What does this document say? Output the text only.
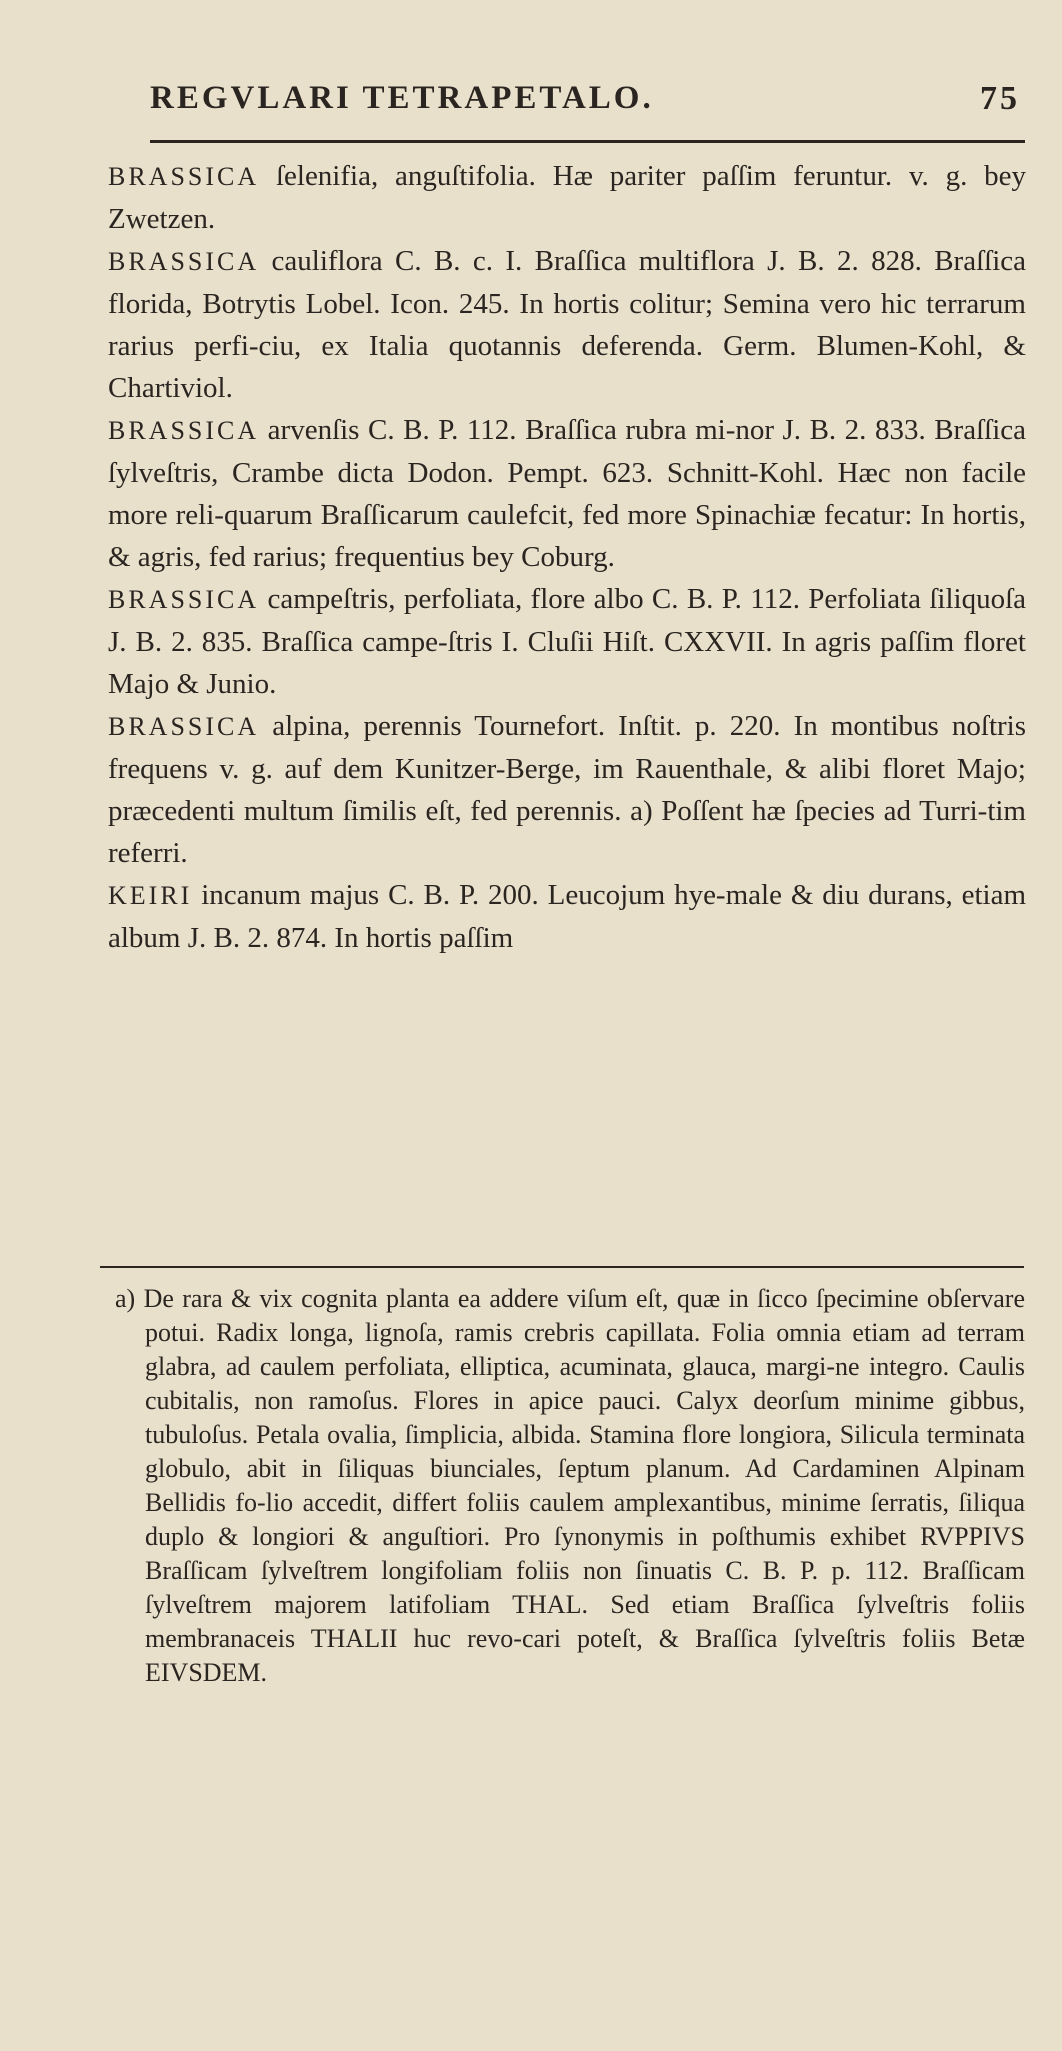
REGVLARI TETRAPETALO.	75

BRASSICA ſelenifia, anguſtifolia. Hæ pariter paſſim feruntur. v. g. bey Zwetzen.

BRASSICA cauliflora C. B. c. I. Braſſica multiflora J. B. 2. 828. Braſſica florida, Botrytis Lobel. Icon. 245. In hortis colitur; Semina vero hic terrarum rarius perfi-ciu, ex Italia quotannis deferenda. Germ. Blumen-Kohl, & Chartiviol.

BRASSICA arvenſis C. B. P. 112. Braſſica rubra mi-nor J. B. 2. 833. Braſſica ſylveſtris, Crambe dicta Dodon. Pempt. 623. Schnitt-Kohl. Hæc non facile more reli-quarum Braſſicarum caulefcit, fed more Spinachiæ fecatur: In hortis, & agris, fed rarius; frequentius bey Coburg.

BRASSICA campeſtris, perfoliata, flore albo C. B. P. 112. Perfoliata ſiliquoſa J. B. 2. 835. Braſſica campe-ſtris I. Cluſii Hiſt. CXXVII. In agris paſſim floret Majo & Junio.

BRASSICA alpina, perennis Tournefort. Inſtit. p. 220. In montibus noſtris frequens v. g. auf dem Kunitzer-Berge, im Rauenthale, & alibi floret Majo; præcedenti multum ſimilis eſt, fed perennis. a) Poſſent hæ ſpecies ad Turri-tim referri.

KEIRI incanum majus C. B. P. 200. Leucojum hye-male & diu durans, etiam album J. B. 2. 874. In hortis paſſim

a) De rara & vix cognita planta ea addere viſum eſt, quæ in ſicco ſpecimine obſervare potui. Radix longa, lignoſa, ramis crebris capillata. Folia omnia etiam ad terram glabra, ad caulem perfoliata, elliptica, acuminata, glauca, margi-ne integro. Caulis cubitalis, non ramoſus. Flores in apice pauci. Calyx deorſum minime gibbus, tubuloſus. Petala ovalia, ſimplicia, albida. Stamina flore longiora, Silicula terminata globulo, abit in ſiliquas biunciales, ſeptum planum. Ad Cardaminen Alpinam Bellidis fo-lio accedit, differt foliis caulem amplexantibus, minime ſerratis, ſiliqua duplo & longiori & anguſtiori. Pro ſynonymis in poſthumis exhibet RVPPIVS Braſſicam ſylveſtrem longifoliam foliis non ſinuatis C. B. P. p. 112. Braſſicam ſylveſtrem majorem latifoliam THAL. Sed etiam Braſſica ſylveſtris foliis membranaceis THALII huc revo-cari poteſt, & Braſſica ſylveſtris foliis Betæ EIVSDEM.
